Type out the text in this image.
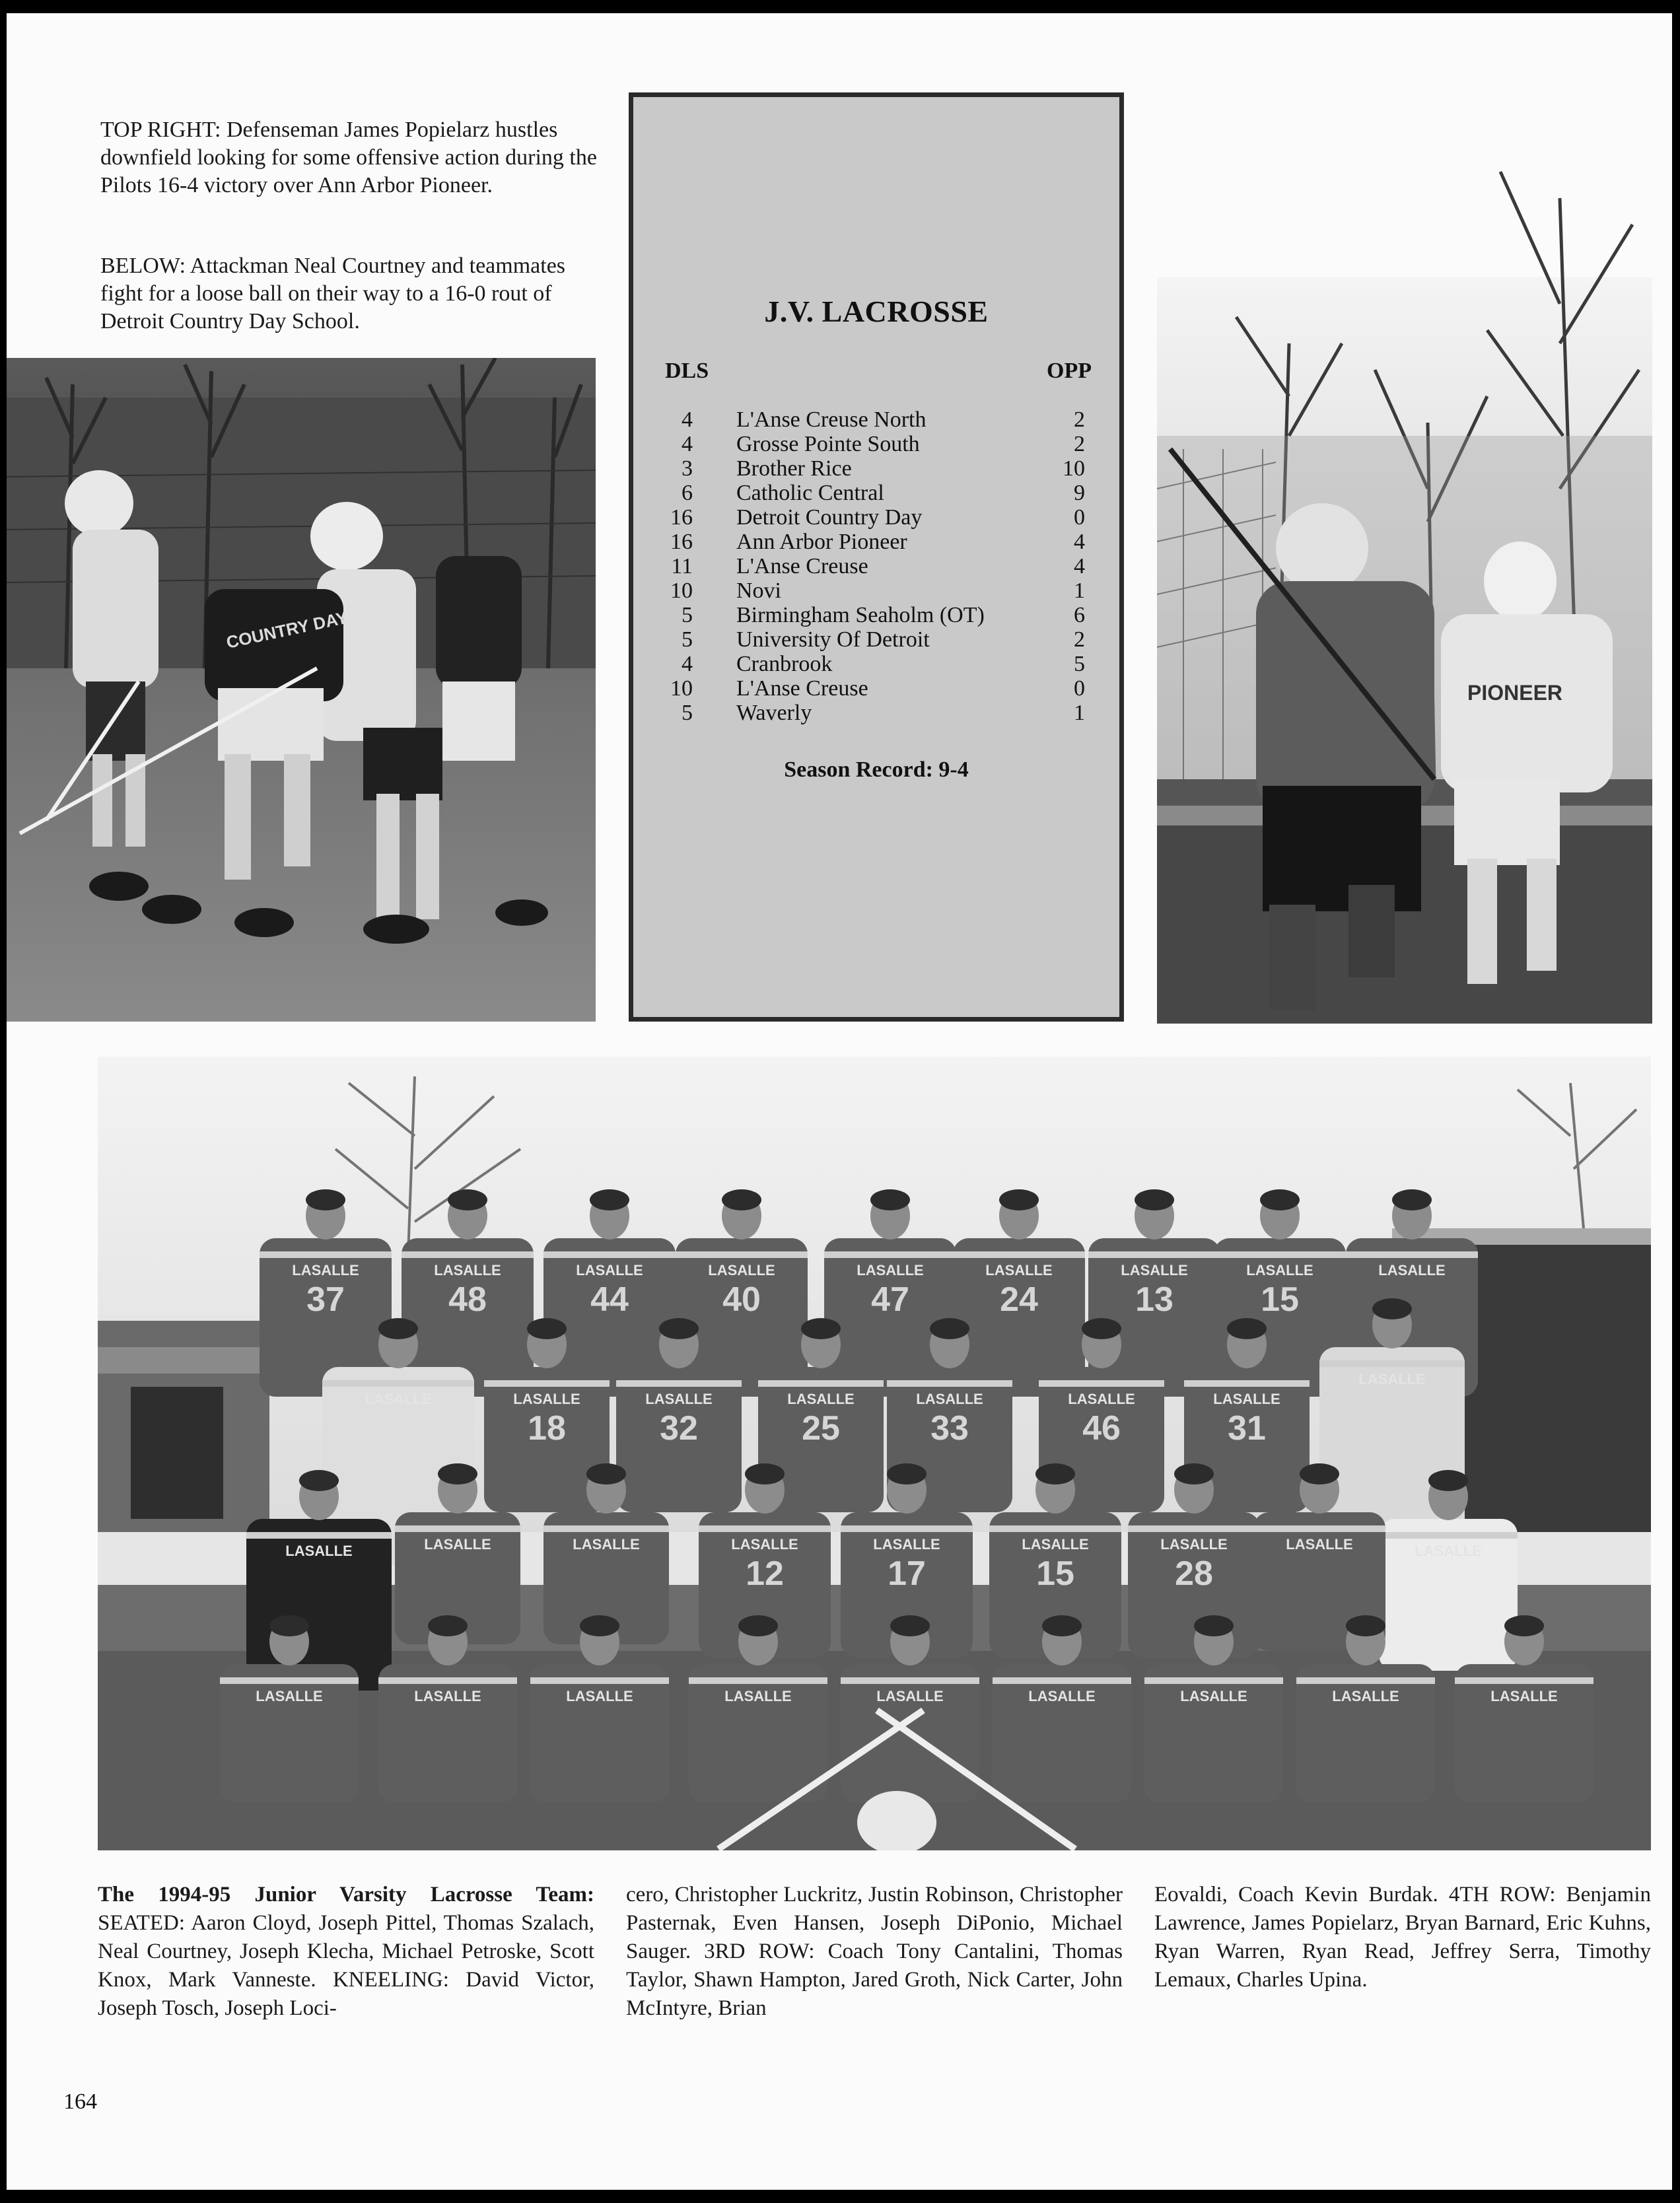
TOP RIGHT: Defenseman James Popielarz hustles downfield looking for some offensive action during the Pilots 16-4 victory over Ann Arbor Pioneer.

BELOW: Attackman Neal Courtney and teammates fight for a loose ball on their way to a 16-0 rout of Detroit Country Day School.

COUNTRY DAY
J.V. LACROSSE
DLS	OPP
4 L'Anse Creuse North	2
4 Grosse Pointe South	2
3 Brother Rice	10
6 Catholic Central	9
16 Detroit Country Day	0
16 Ann Arbor Pioneer	4
11 L'Anse Creuse	4
10 Novi	1
5 Birmingham Seaholm (OT)	6
5 University Of Detroit	2
4 Cranbrook	5
10 L'Anse Creuse	0
5 Waverly	1
Season Record: 9-4
PIONEER
LASALLE
37
LASALLE
48
LASALLE
44
LASALLE
40
LASALLE
47
LASALLE
24
LASALLE
13
LASALLE
15
LASALLE
LASALLE
18
LASALLE
32
LASALLE
25
LASALLE
33
LASALLE
46
LASALLE
31
LASALLE
LASALLE
LASALLE	LASALLE
LASALLE	LASALLE	LASALLE
12
LASALLE
17
LASALLE
15
LASALLE
28
LASALLE
LASALLE	LASALLE	LASALLE	LASALLE	LASALLE	LASALLE	LASALLE	LASALLE	LASALLE
The 1994-95 Junior Varsity Lacrosse Team: SEATED: Aaron Cloyd, Joseph Pittel, Thomas Szalach, Neal Courtney, Joseph Klecha, Michael Petroske, Scott Knox, Mark Vanneste. KNEELING: David Victor, Joseph Tosch, Joseph Loci-
cero, Christopher Luckritz, Justin Robinson, Christopher Pasternak, Even Hansen, Joseph DiPonio, Michael Sauger. 3RD ROW: Coach Tony Cantalini, Thomas Taylor, Shawn Hampton, Jared Groth, Nick Carter, John McIntyre, Brian
Eovaldi, Coach Kevin Burdak. 4TH ROW: Benjamin Lawrence, James Popielarz, Bryan Barnard, Eric Kuhns, Ryan Warren, Ryan Read, Jeffrey Serra, Timothy Lemaux, Charles Upina.
164
